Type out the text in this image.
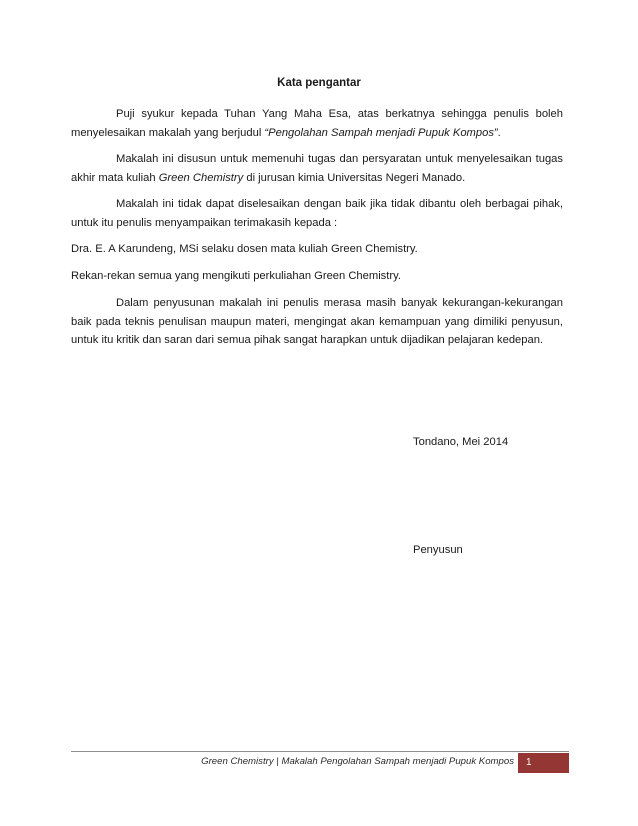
Kata pengantar

Puji syukur kepada Tuhan Yang Maha Esa, atas berkatnya sehingga penulis boleh menyelesaikan makalah yang berjudul “Pengolahan Sampah menjadi Pupuk Kompos”.

Makalah ini disusun untuk memenuhi tugas dan persyaratan untuk menyelesaikan tugas akhir mata kuliah Green Chemistry di jurusan kimia Universitas Negeri Manado.

Makalah ini tidak dapat diselesaikan dengan baik jika tidak dibantu oleh berbagai pihak, untuk itu penulis menyampaikan terimakasih kepada :

Dra. E. A Karundeng, MSi selaku dosen mata kuliah Green Chemistry.

Rekan-rekan semua yang mengikuti perkuliahan Green Chemistry.

Dalam penyusunan makalah ini penulis merasa masih banyak kekurangan-kekurangan baik pada teknis penulisan maupun materi, mengingat akan kemampuan yang dimiliki penyusun, untuk itu kritik dan saran dari semua pihak sangat harapkan untuk dijadikan pelajaran kedepan.

Tondano, Mei 2014
Penyusun
Green Chemistry | Makalah Pengolahan Sampah menjadi Pupuk Kompos	1
